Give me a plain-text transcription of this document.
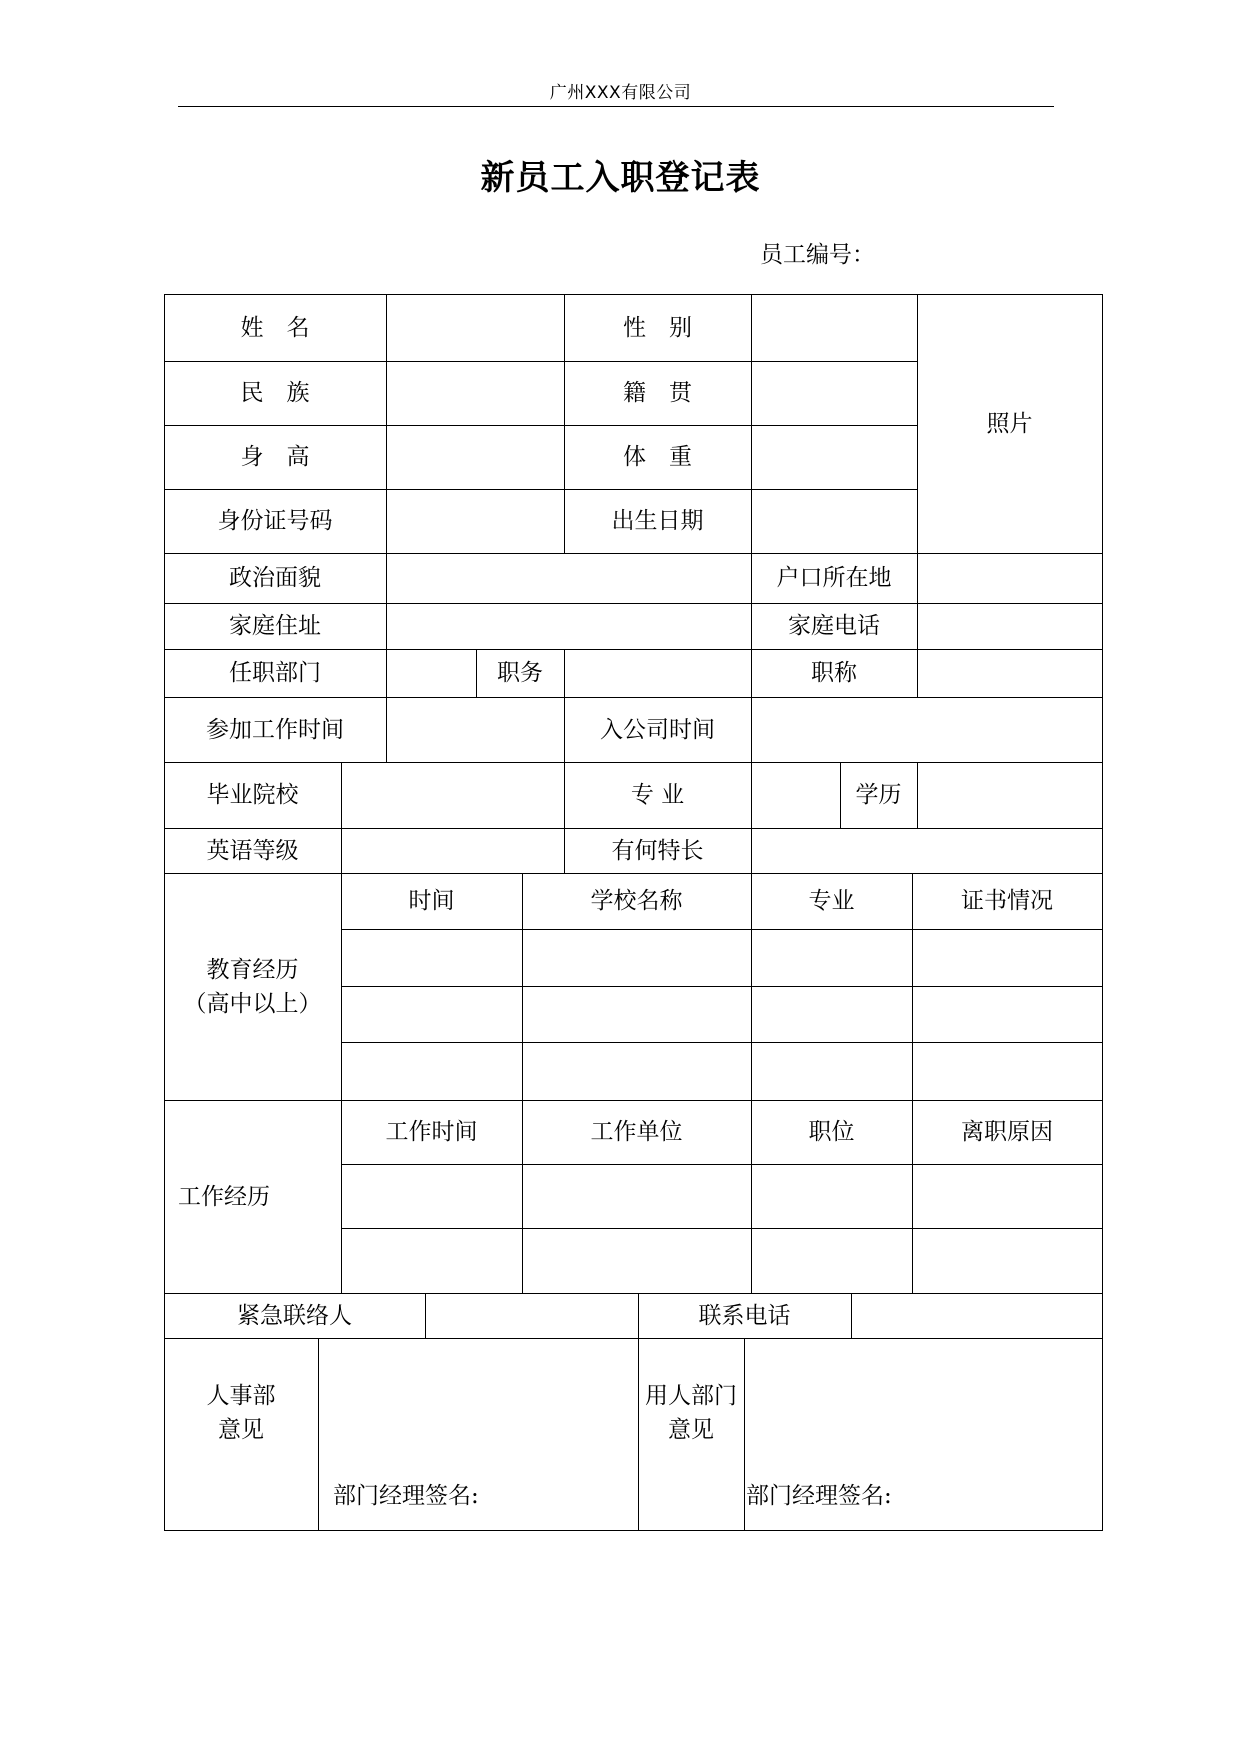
广州XXX有限公司
新员工入职登记表
员工编号：
姓　名	性　别
民　族	籍　贯
身　高	体　重
身份证号码	出生日期
照片
政治面貌	户口所在地
家庭住址	家庭电话
任职部门	职务	职称
参加工作时间	入公司时间
毕业院校	专 业	学历
英语等级	有何特长
教育经历
（高中以上）
时间	学校名称	专业	证书情况
工作经历
工作时间	工作单位	职位	离职原因
紧急联络人	联系电话
人事部
意见
部门经理签名:
用人部门
意见
部门经理签名:
